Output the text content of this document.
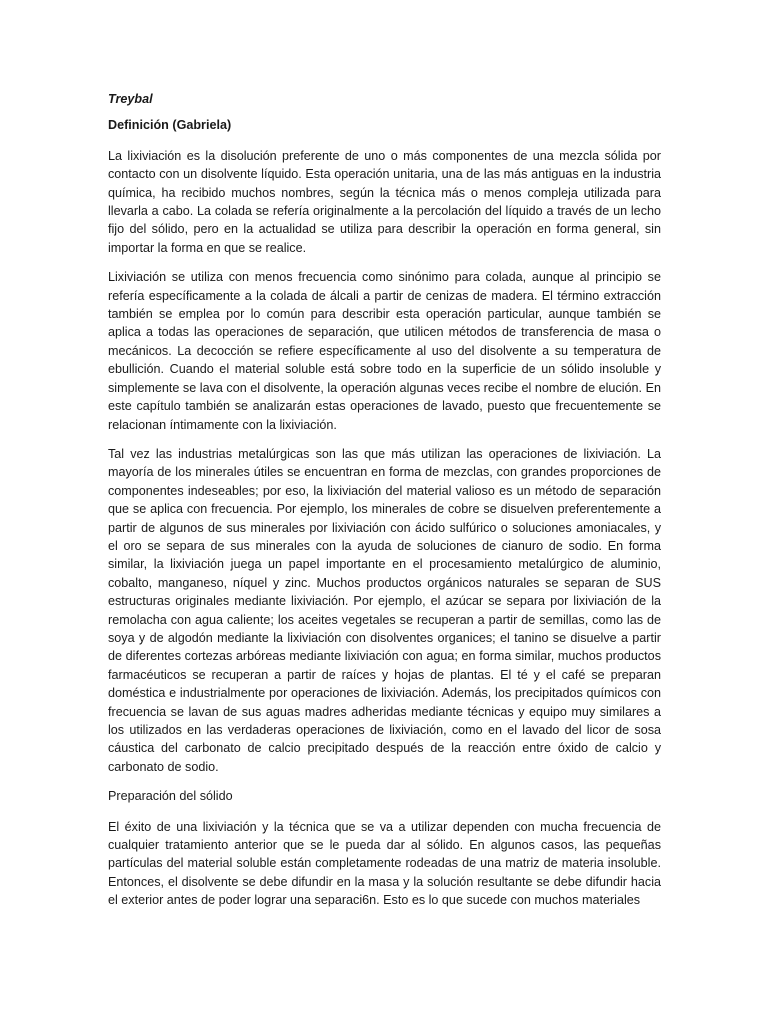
Treybal
Definición (Gabriela)

La lixiviación es la disolución preferente de uno o más componentes de una mezcla sólida por contacto con un disolvente líquido. Esta operación unitaria, una de las más antiguas en la industria química, ha recibido muchos nombres, según la técnica más o menos compleja utilizada para llevarla a cabo. La colada se refería originalmente a la percolación del líquido a través de un lecho fijo del sólido, pero en la actualidad se utiliza para describir la operación en forma general, sin importar la forma en que se realice.

Lixiviación se utiliza con menos frecuencia como sinónimo para colada, aunque al principio se refería específicamente a la colada de álcali a partir de cenizas de madera. El término extracción también se emplea por lo común para describir esta operación particular, aunque también se aplica a todas las operaciones de separación, que utilicen métodos de transferencia de masa o mecánicos. La decocción se refiere específicamente al uso del disolvente a su temperatura de ebullición. Cuando el material soluble está sobre todo en la superficie de un sólido insoluble y simplemente se lava con el disolvente, la operación algunas veces recibe el nombre de elución. En este capítulo también se analizarán estas operaciones de lavado, puesto que frecuentemente se relacionan íntimamente con la lixiviación.

Tal vez las industrias metalúrgicas son las que más utilizan las operaciones de lixiviación. La mayoría de los minerales útiles se encuentran en forma de mezclas, con grandes proporciones de componentes indeseables; por eso, la lixiviación del material valioso es un método de separación que se aplica con frecuencia. Por ejemplo, los minerales de cobre se disuelven preferentemente a partir de algunos de sus minerales por lixiviación con ácido sulfúrico o soluciones amoniacales, y el oro se separa de sus minerales con la ayuda de soluciones de cianuro de sodio. En forma similar, la lixiviación juega un papel importante en el procesamiento metalúrgico de aluminio, cobalto, manganeso, níquel y zinc. Muchos productos orgánicos naturales se separan de SUS estructuras originales mediante lixiviación. Por ejemplo, el azúcar se separa por lixiviación de la remolacha con agua caliente; los aceites vegetales se recuperan a partir de semillas, como las de soya y de algodón mediante la lixiviación con disolventes organices; el tanino se disuelve a partir de diferentes cortezas arbóreas mediante lixiviación con agua; en forma similar, muchos productos farmacéuticos se recuperan a partir de raíces y hojas de plantas. El té y el café se preparan doméstica e industrialmente por operaciones de lixiviación. Además, los precipitados químicos con frecuencia se lavan de sus aguas madres adheridas mediante técnicas y equipo muy similares a los utilizados en las verdaderas operaciones de lixiviación, como en el lavado del licor de sosa cáustica del carbonato de calcio precipitado después de la reacción entre óxido de calcio y carbonato de sodio.

Preparación del sólido

El éxito de una lixiviación y la técnica que se va a utilizar dependen con mucha frecuencia de cualquier tratamiento anterior que se le pueda dar al sólido. En algunos casos, las pequeñas partículas del material soluble están completamente rodeadas de una matriz de materia insoluble. Entonces, el disolvente se debe difundir en la masa y la solución resultante se debe difundir hacia el exterior antes de poder lograr una separaci6n. Esto es lo que sucede con muchos materiales
